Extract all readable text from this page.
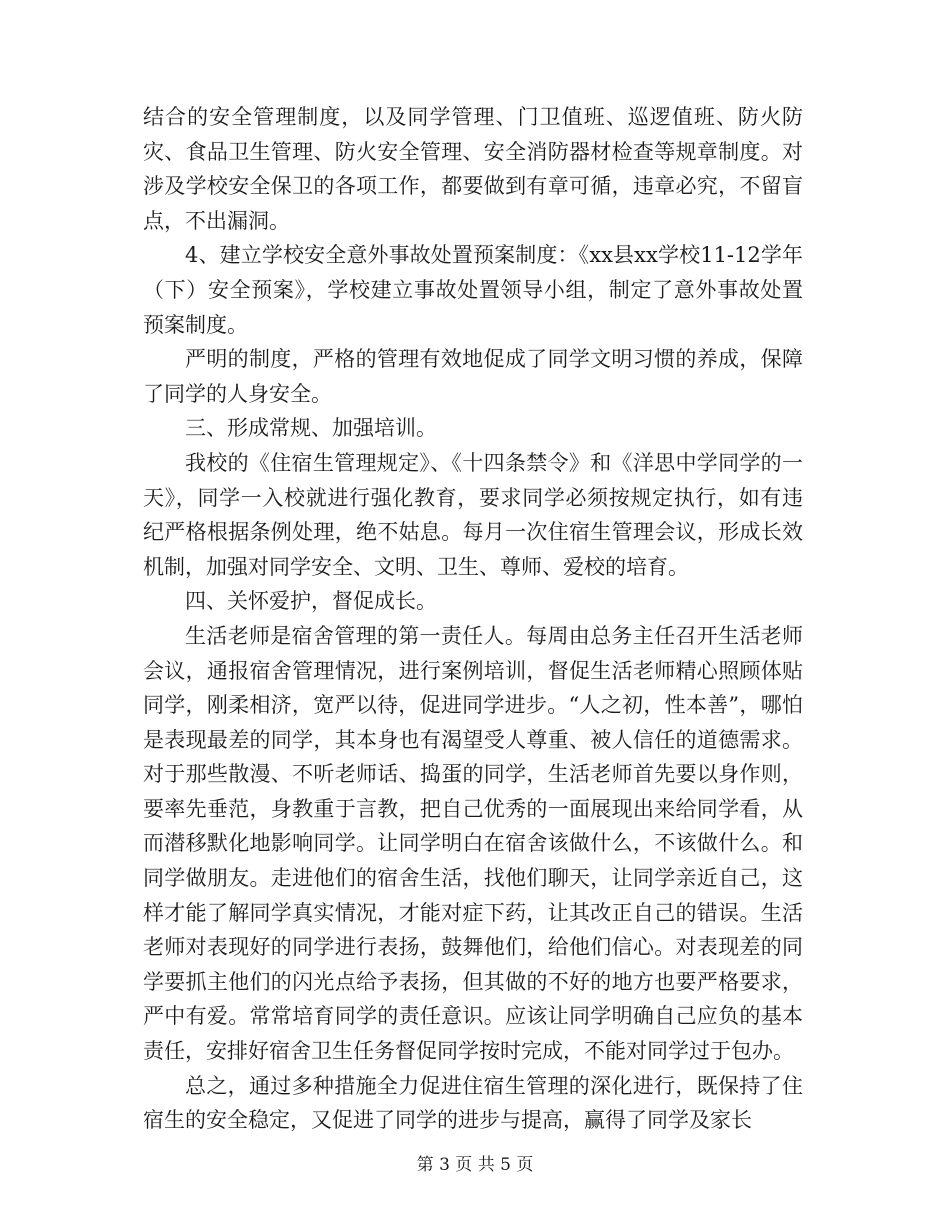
结合的安全管理制度，以及同学管理、门卫值班、巡逻值班、防火防灾、食品卫生管理、防火安全管理、安全消防器材检查等规章制度。对涉及学校安全保卫的各项工作，都要做到有章可循，违章必究，不留盲点，不出漏洞。

4、建立学校安全意外事故处置预案制度：《xx县xx学校11-12学年（下）安全预案》，学校建立事故处置领导小组，制定了意外事故处置预案制度。

严明的制度，严格的管理有效地促成了同学文明习惯的养成，保障了同学的人身安全。

三、形成常规、加强培训。

我校的《住宿生管理规定》、《十四条禁令》和《洋思中学同学的一天》，同学一入校就进行强化教育，要求同学必须按规定执行，如有违纪严格根据条例处理，绝不姑息。每月一次住宿生管理会议，形成长效机制，加强对同学安全、文明、卫生、尊师、爱校的培育。

四、关怀爱护，督促成长。

生活老师是宿舍管理的第一责任人。每周由总务主任召开生活老师会议，通报宿舍管理情况，进行案例培训，督促生活老师精心照顾体贴同学，刚柔相济，宽严以待，促进同学进步。“人之初，性本善”，哪怕是表现最差的同学，其本身也有渴望受人尊重、被人信任的道德需求。对于那些散漫、不听老师话、捣蛋的同学，生活老师首先要以身作则，要率先垂范，身教重于言教，把自己优秀的一面展现出来给同学看，从而潜移默化地影响同学。让同学明白在宿舍该做什么，不该做什么。和同学做朋友。走进他们的宿舍生活，找他们聊天，让同学亲近自己，这样才能了解同学真实情况，才能对症下药，让其改正自己的错误。生活老师对表现好的同学进行表扬，鼓舞他们，给他们信心。对表现差的同学要抓主他们的闪光点给予表扬，但其做的不好的地方也要严格要求，严中有爱。常常培育同学的责任意识。应该让同学明确自己应负的基本责任，安排好宿舍卫生任务督促同学按时完成，不能对同学过于包办。

总之，通过多种措施全力促进住宿生管理的深化进行，既保持了住宿生的安全稳定，又促进了同学的进步与提高，赢得了同学及家长

第 3 页 共 5 页
